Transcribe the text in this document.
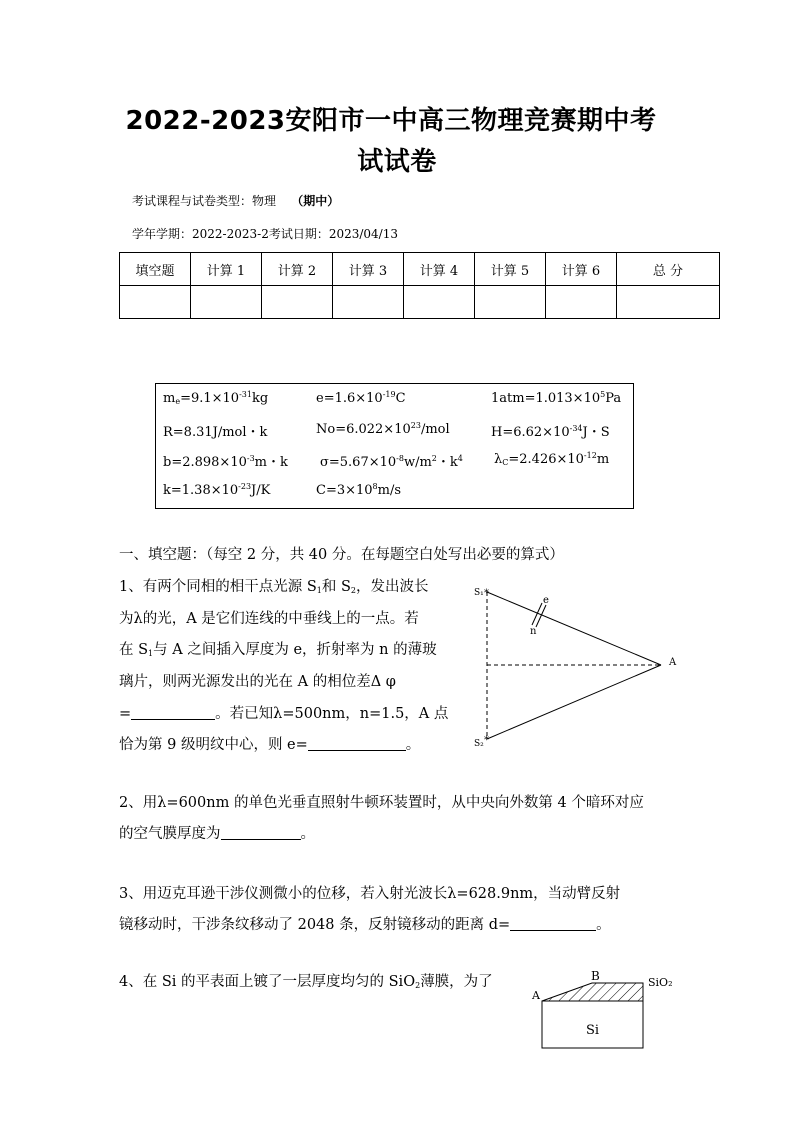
2022-2023安阳市一中高三物理竞赛期中考
试试卷
考试课程与试卷类型：物理 （期中）
学年学期：2022-2023-2考试日期：2023/04/13
填空题	计算 1	计算 2	计算 3	计算 4	计算 5	计算 6	总 分

$m_e=9.1\times 10^{-31}kg$	$e=1.6\times 10^{-19}C$	$1atm=1.013\times 10^5Pa$
R=8.31J/mol・k	$No=6.022\times 10^{23}$/mol	$H=6.62\times 10^{-34}J$・S
$b=2.898\times 10^{-3}m$・k $\sigma=5.67\times 10^{-8}w/m^2$・$k^4$ $\lambda_C=2.426\times 10^{-12}m$
$k=1.38\times 10^{-23}J/K$	$C=3\times 10^8m/s$
一、填空题：（每空 2 分，共 40 分。在每题空白处写出必要的算式）
1、有两个同相的相干点光源 $S_1$和 $S_2$，发出波长
为λ的光，A 是它们连线的中垂线上的一点。若
在 $S_1$与 A 之间插入厚度为 e，折射率为 n 的薄玻
璃片，则两光源发出的光在 A 的相位差Δ φ
=	。若已知λ=500nm，n=1.5，A 点
恰为第 9 级明纹中心，则 e=	。
S₁ *
S₂ *
A
e
n
2、用λ=600nm 的单色光垂直照射牛顿环装置时，从中央向外数第 4 个暗环对应
的空气膜厚度为	。
3、用迈克耳逊干涉仪测微小的位移，若入射光波长λ=628.9nm，当动臂反射
镜移动时，干涉条纹移动了 2048 条，反射镜移动的距离 d=	。
4、在 Si 的平表面上镀了一层厚度均匀的 SiO$_2$薄膜，为了
A
B	SiO₂
Si
